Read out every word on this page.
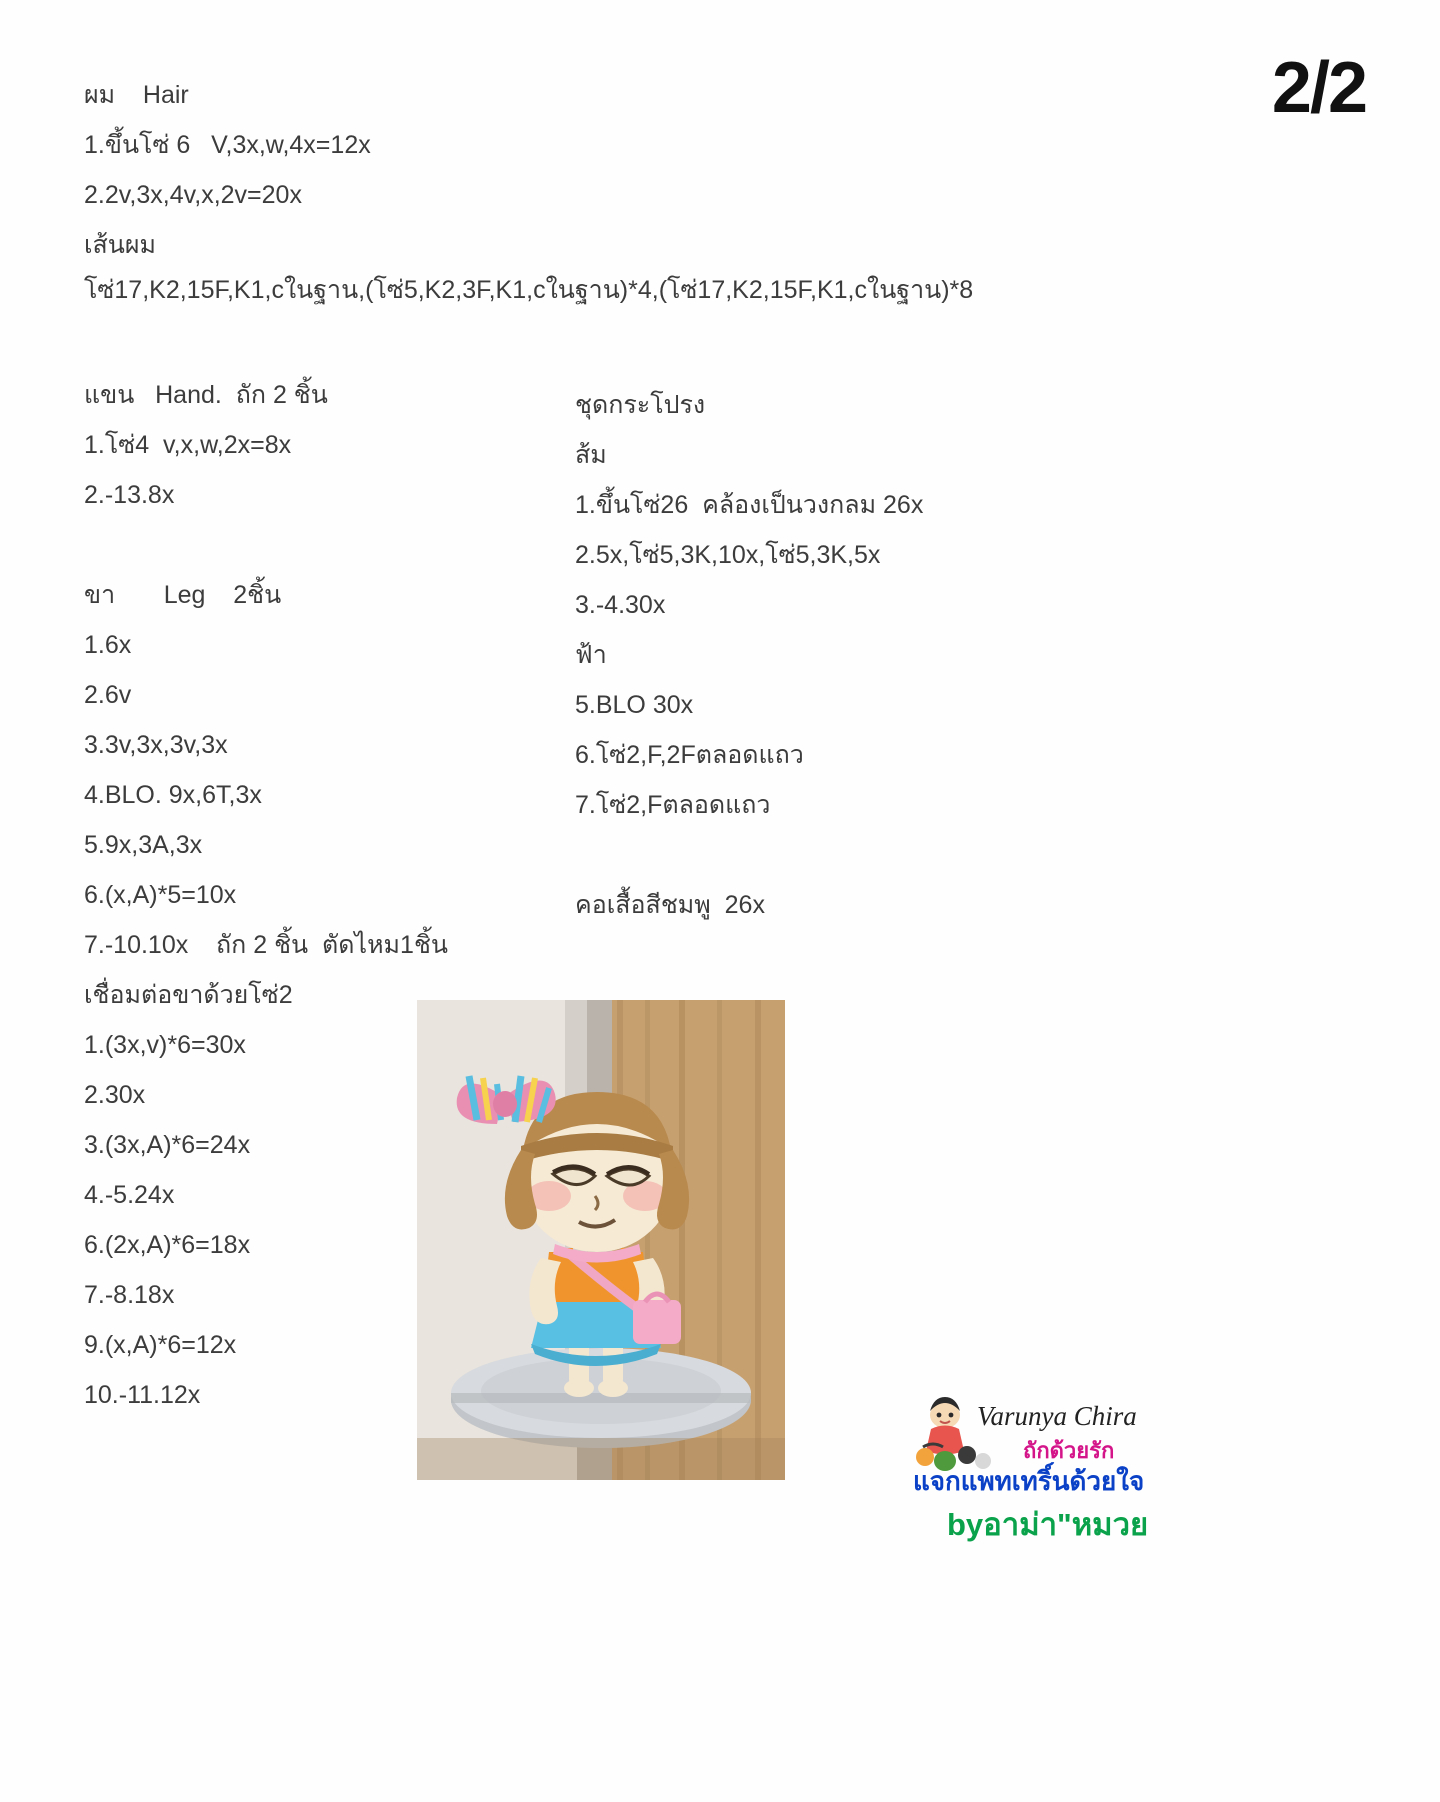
2/2
ผม    Hair
1.ขึ้นโซ่ 6   V,3x,w,4x=12x
2.2v,3x,4v,x,2v=20x
เส้นผม
โซ่17,K2,15F,K1,cในฐาน,(โซ่5,K2,3F,K1,cในฐาน)*4,(โซ่17,K2,15F,K1,cในฐาน)*8
แขน   Hand.  ถัก 2 ชิ้น
1.โซ่4  v,x,w,2x=8x
2.-13.8x
ขา       Leg    2ชิ้น
1.6x
2.6v
3.3v,3x,3v,3x
4.BLO. 9x,6T,3x
5.9x,3A,3x
6.(x,A)*5=10x
7.-10.10x    ถัก 2 ชิ้น  ตัดไหม1ชิ้น
เชื่อมต่อขาด้วยโซ่2
1.(3x,v)*6=30x
2.30x
3.(3x,A)*6=24x
4.-5.24x
6.(2x,A)*6=18x
7.-8.18x
9.(x,A)*6=12x
10.-11.12x
ชุดกระโปรง
ส้ม
1.ขึ้นโซ่26  คล้องเป็นวงกลม 26x
2.5x,โซ่5,3K,10x,โซ่5,3K,5x
3.-4.30x
ฟ้า
5.BLO 30x
6.โซ่2,F,2Fตลอดแถว
7.โซ่2,Fตลอดแถว
คอเสื้อสีชมพู  26x
Varunya Chira
ถักด้วยรัก
แจกแพทเทริ์นด้วยใจ
byอาม่า"หมวย
